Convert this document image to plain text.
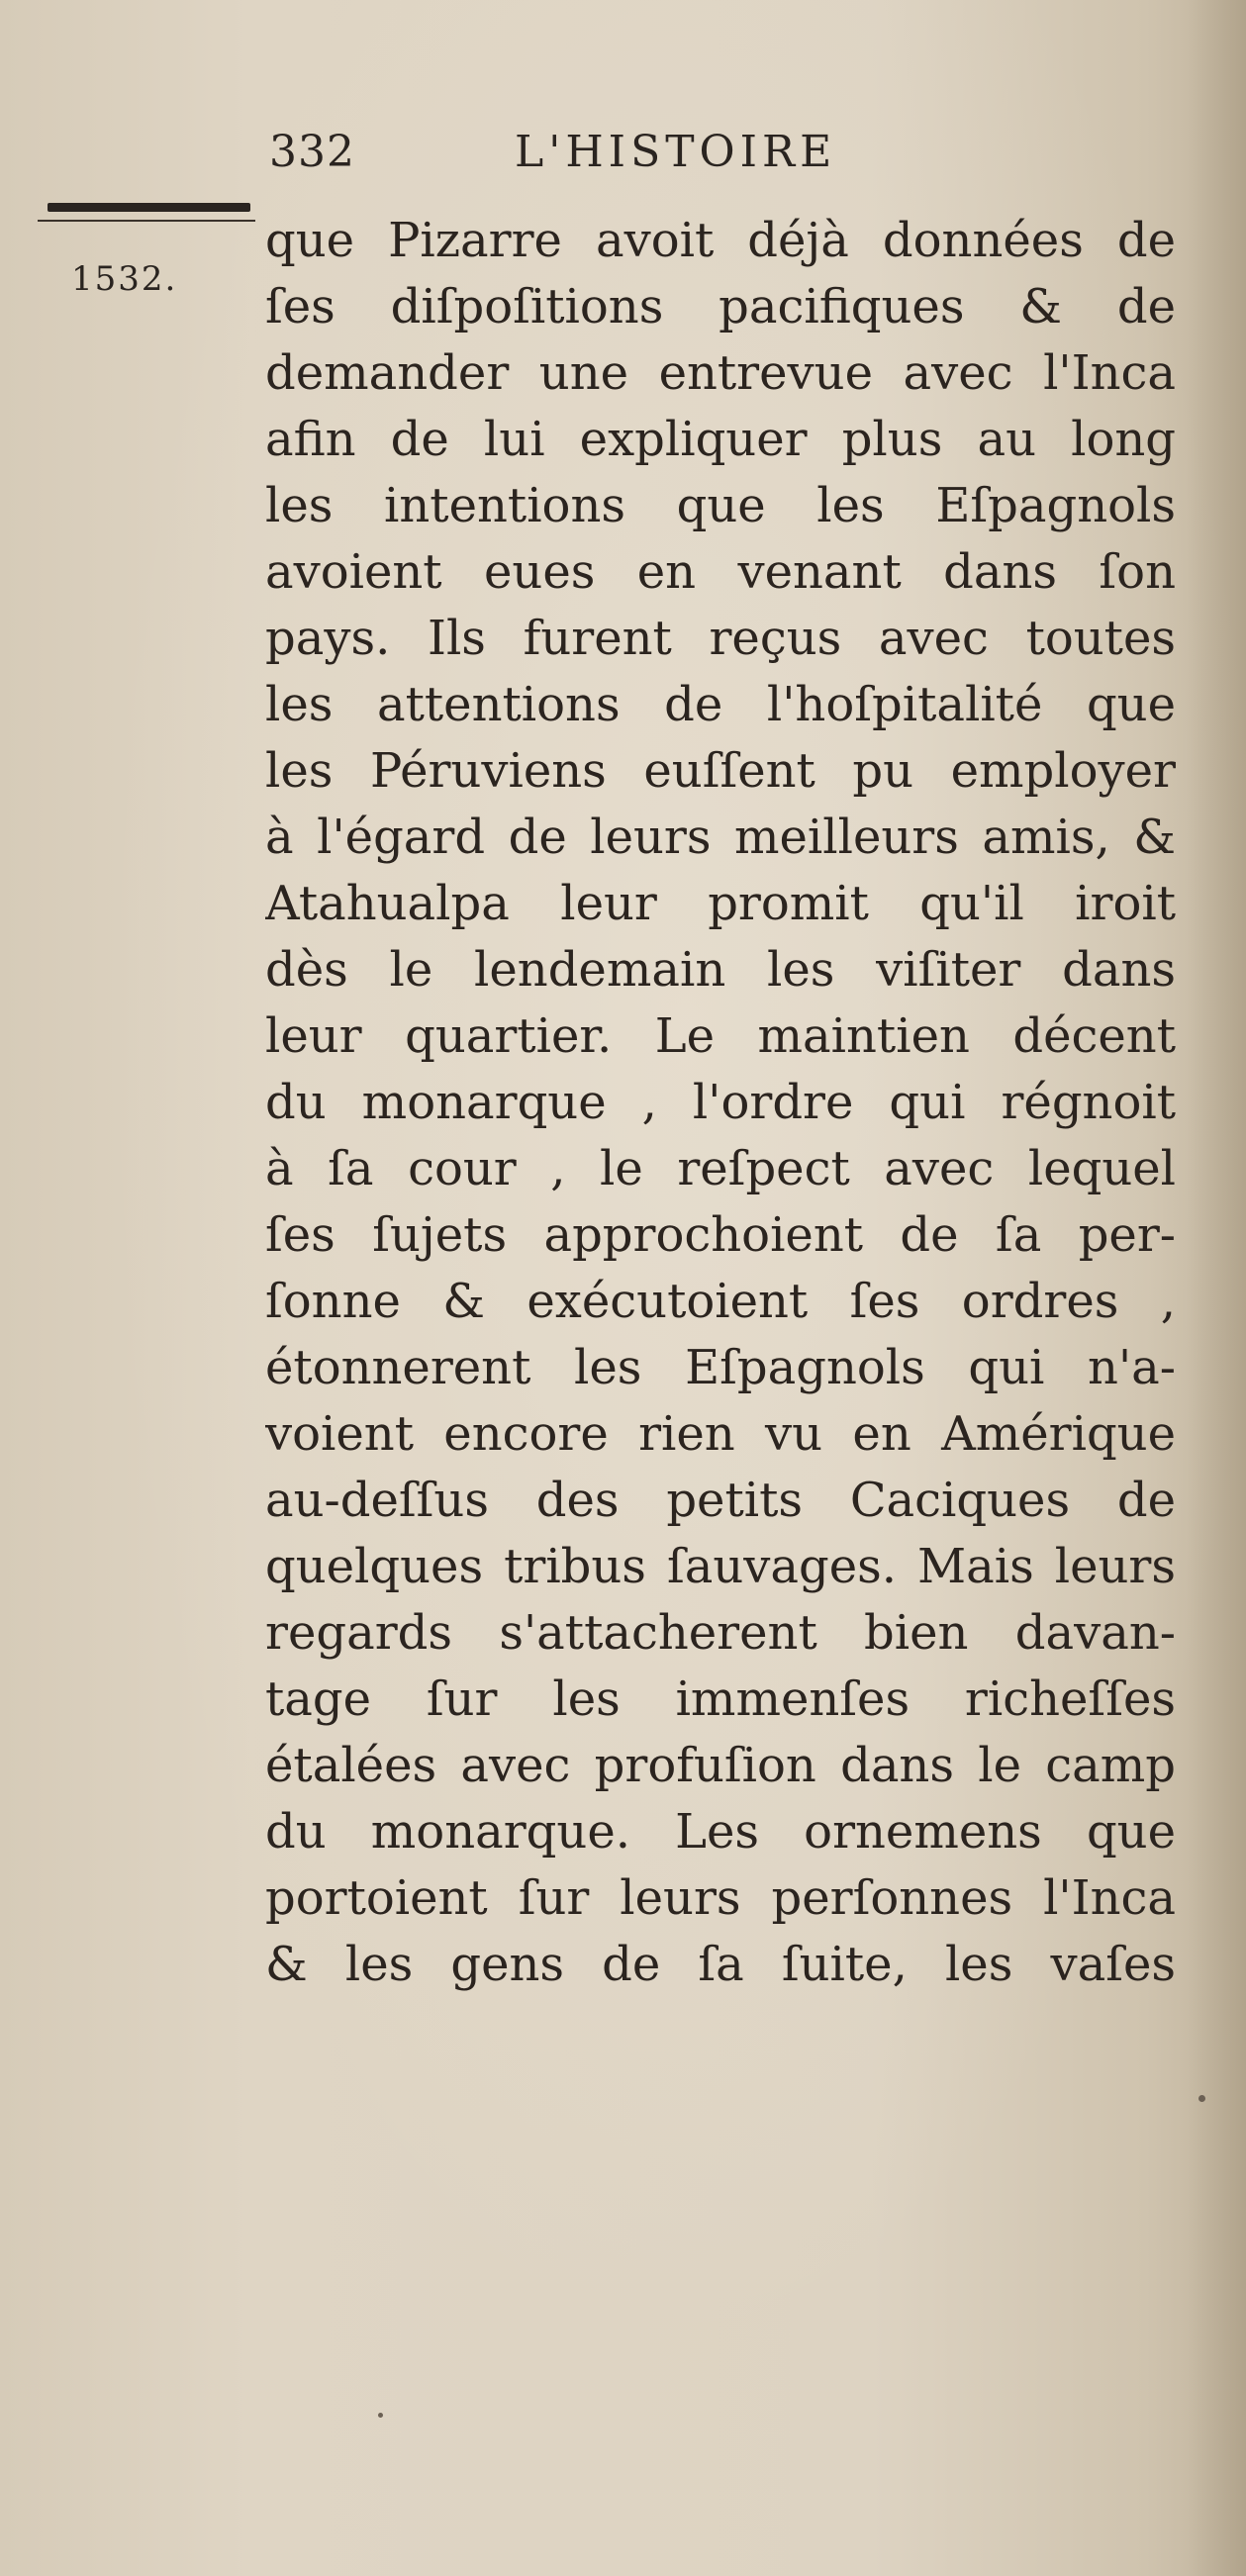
332	L'HISTOIRE
1532.
que Pizarre avoit déjà données de
ſes diſpoſitions pacifiques & de
demander une entrevue avec l'Inca
afin de lui expliquer plus au long
les intentions que les Eſpagnols
avoient eues en venant dans ſon
pays. Ils furent reçus avec toutes
les attentions de l'hoſpitalité que
les Péruviens euſſent pu employer
à l'égard de leurs meilleurs amis, &
Atahualpa leur promit qu'il iroit
dès le lendemain les viſiter dans
leur quartier. Le maintien décent
du monarque , l'ordre qui régnoit
à ſa cour , le reſpect avec lequel
ſes ſujets approchoient de ſa per-
ſonne & exécutoient ſes ordres ,
étonnerent les Eſpagnols qui n'a-
voient encore rien vu en Amérique
au-deſſus des petits Caciques de
quelques tribus ſauvages. Mais leurs
regards s'attacherent bien davan-
tage ſur les immenſes richeſſes
étalées avec profuſion dans le camp
du monarque. Les ornemens que
portoient ſur leurs perſonnes l'Inca
& les gens de ſa ſuite, les vaſes
